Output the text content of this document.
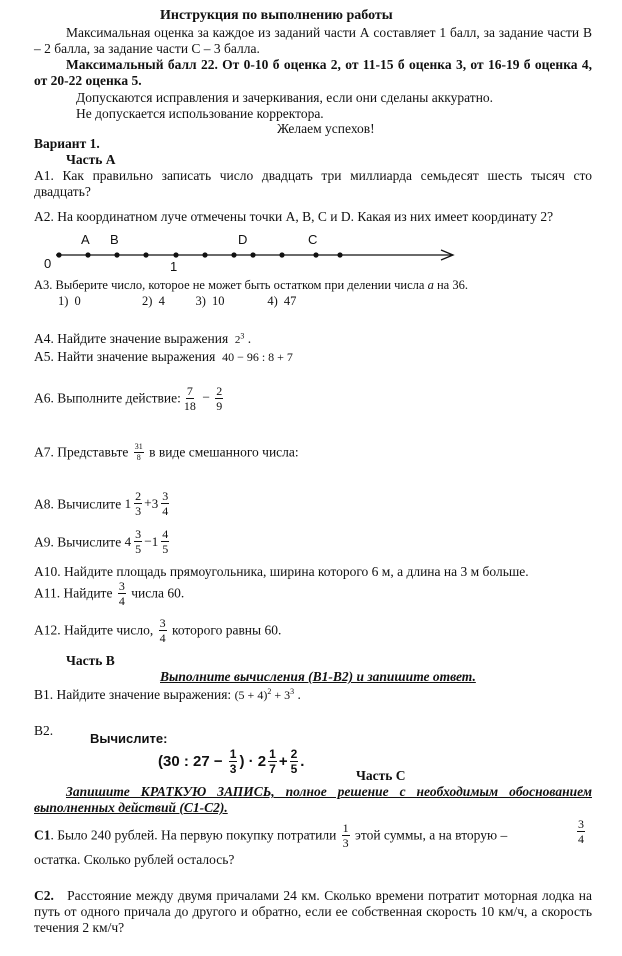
Инструкция по выполнению работы
Максимальная оценка за каждое из заданий части А составляет 1 балл, за задание части В – 2 балла, за задание части С – 3 балла.
Максимальный балл 22. От 0-10 б оценка 2, от 11-15 б оценка 3, от 16-19 б оценка 4, от 20-22 оценка 5.
Допускаются исправления и зачеркивания, если они сделаны аккуратно.
Не допускается использование корректора.
Желаем успехов!
Вариант 1.
Часть А
А1. Как правильно записать число двадцать три миллиарда семьдесят шесть тысяч сто двадцать?
А2. На координатном луче отмечены точки А, В, С и D. Какая из них имеет координату 2?
А В	D	С
0	1
А3. Выберите число, которое не может быть остатком при делении числа а на 36.
1) 0	2) 4 3) 10	4) 47
А4. Найдите значение выражения $2^3$ .
А5. Найти значение выражения 40 − 96 : 8 + 7
А6. Выполните действие: $\frac{7}{18} - \frac{2}{9}$
А7. Представьте $\frac{31}{8}$ в виде смешанного числа:
А8. Вычислите $1 \frac{2}{3} + 3 \frac{3}{4}$
А9. Вычислите $4 \frac{3}{5} - 1 \frac{4}{5}$
А10. Найдите площадь прямоугольника, ширина которого 6 м, а длина на 3 м больше.
А11. Найдите $\frac{3}{4}$ числа 60.
А12. Найдите число, $\frac{3}{4}$ которого равны 60.
Часть В
Выполните вычисления (В1-В2) и запишите ответ.
В1. Найдите значение выражения: $(5 + 4)^2 + 3^3$ .
В2.
Вычислите:
(30 : $27 - \frac{1}{3}$ ) · $2 \frac{1}{7} + \frac{2}{5}$ .
Часть С
Запишите КРАТКУЮ ЗАПИСЬ, полное решение с необходимым обоснованием выполненных действий (С1-С2).
С1. Было 240 рублей. На первую покупку потратили $\frac{1}{3}$ этой суммы, а на вторую –	$\frac{3}{4}$
остатка. Сколько рублей осталось?
С2. Расстояние между двумя причалами 24 км. Сколько времени потратит моторная лодка на путь от одного причала до другого и обратно, если ее собственная скорость 10 км/ч, а скорость течения 2 км/ч?
